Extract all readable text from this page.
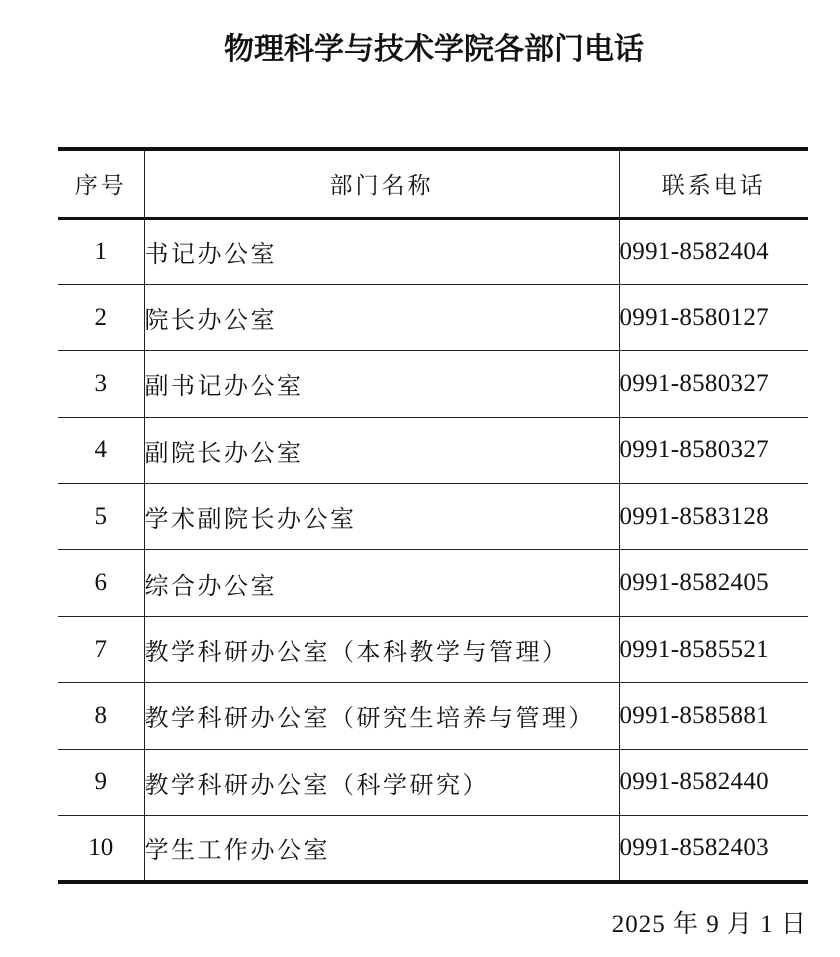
物理科学与技术学院各部门电话
序号	部门名称	联系电话
1	书记办公室	0991-8582404
2	院长办公室	0991-8580127
3	副书记办公室	0991-8580327
4	副院长办公室	0991-8580327
5	学术副院长办公室	0991-8583128
6	综合办公室	0991-8582405
7	教学科研办公室（本科教学与管理）	0991-8585521
8	教学科研办公室（研究生培养与管理）	0991-8585881
9	教学科研办公室（科学研究）	0991-8582440
10	学生工作办公室	0991-8582403
2025 年 9 月 1 日
